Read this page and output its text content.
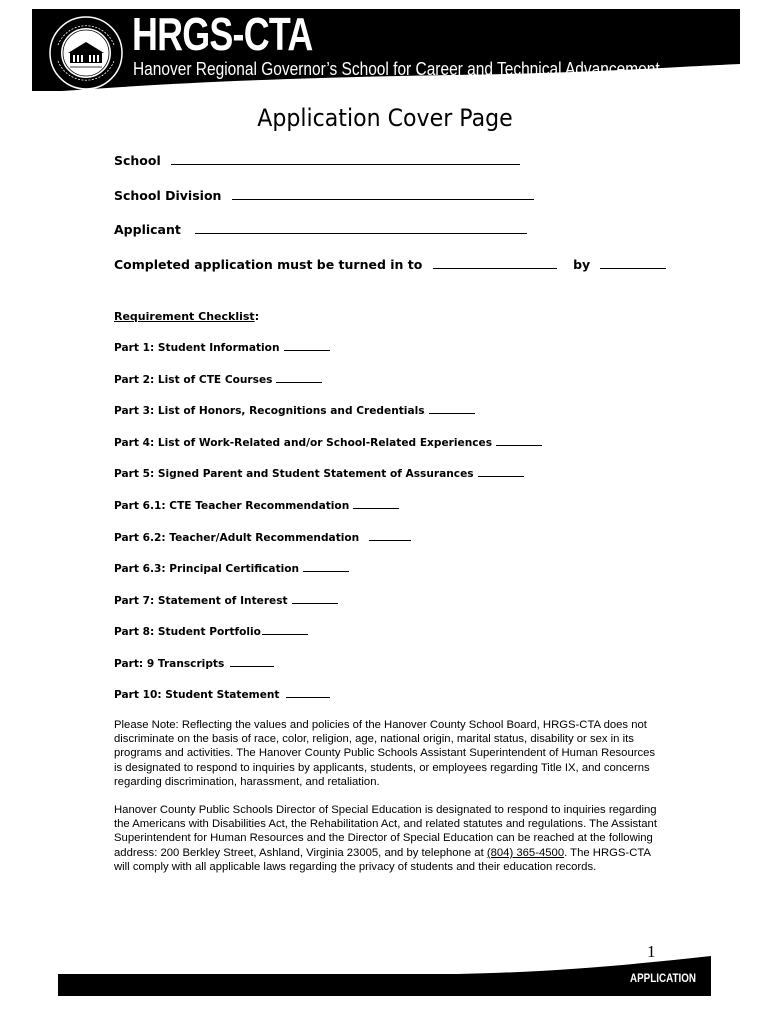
HRGS-CTA
Hanover Regional Governor’s School for Career and Technical Advancement
Application Cover Page
School
School Division
Applicant
Completed application must be turned in to	by
Requirement Checklist:
Part 1: Student Information
Part 2: List of CTE Courses
Part 3: List of Honors, Recognitions and Credentials
Part 4: List of Work-Related and/or School-Related Experiences
Part 5: Signed Parent and Student Statement of Assurances
Part 6.1: CTE Teacher Recommendation
Part 6.2: Teacher/Adult Recommendation
Part 6.3: Principal Certification
Part 7: Statement of Interest
Part 8: Student Portfolio
Part: 9 Transcripts
Part 10: Student Statement
Please Note: Reflecting the values and policies of the Hanover County School Board, HRGS-CTA does not discriminate on the basis of race, color, religion, age, national origin, marital status, disability or sex in its programs and activities. The Hanover County Public Schools Assistant Superintendent of Human Resources is designated to respond to inquiries by applicants, students, or employees regarding Title IX, and concerns regarding discrimination, harassment, and retaliation.
Hanover County Public Schools Director of Special Education is designated to respond to inquiries regarding the Americans with Disabilities Act, the Rehabilitation Act, and related statutes and regulations. The Assistant Superintendent for Human Resources and the Director of Special Education can be reached at the following address: 200 Berkley Street, Ashland, Virginia 23005, and by telephone at (804) 365-4500. The HRGS-CTA will comply with all applicable laws regarding the privacy of students and their education records.
1
APPLICATION
